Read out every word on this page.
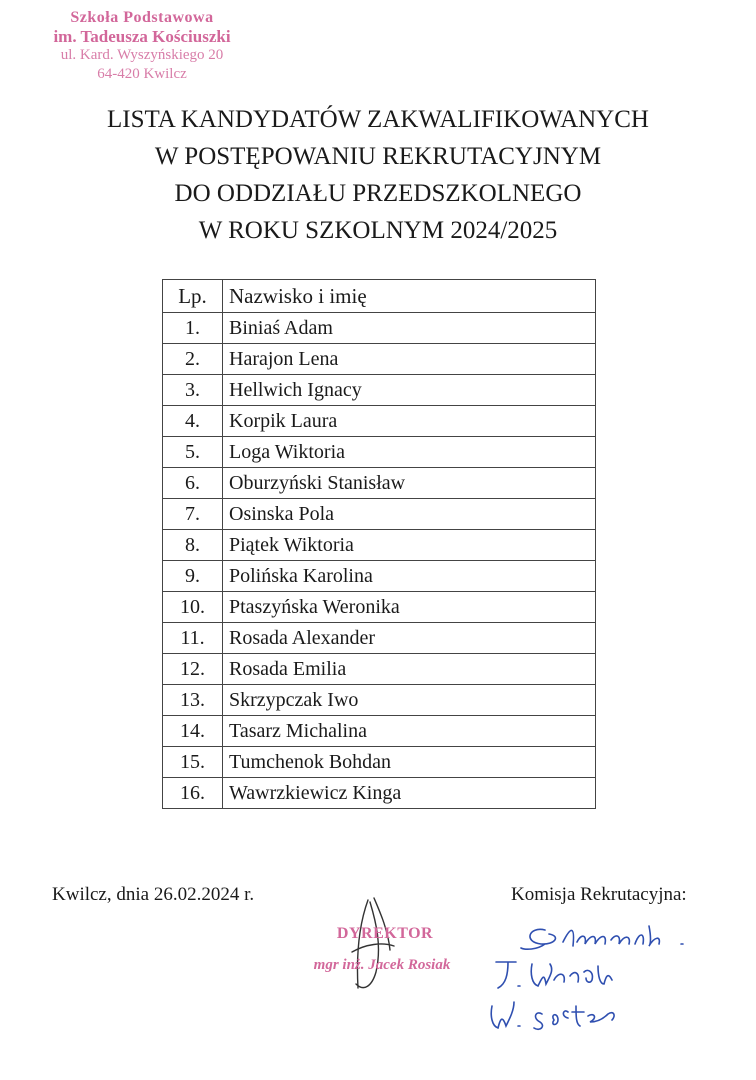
Szkoła Podstawowa
im. Tadeusza Kościuszki
ul. Kard. Wyszyńskiego 20
64-420 Kwilcz
LISTA KANDYDATÓW ZAKWALIFIKOWANYCH
W POSTĘPOWANIU REKRUTACYJNYM
DO ODDZIAŁU PRZEDSZKOLNEGO
W ROKU SZKOLNYM 2024/2025
Lp.	Nazwisko i imię
1.	Biniaś Adam
2.	Harajon Lena
3.	Hellwich Ignacy
4.	Korpik Laura
5.	Loga Wiktoria
6.	Oburzyński Stanisław
7.	Osinska Pola
8.	Piątek Wiktoria
9.	Polińska Karolina
10.	Ptaszyńska Weronika
11.	Rosada Alexander
12.	Rosada Emilia
13.	Skrzypczak Iwo
14.	Tasarz Michalina
15.	Tumchenok Bohdan
16.	Wawrzkiewicz Kinga
Kwilcz, dnia 26.02.2024 r.	Komisja Rekrutacyjna:
DYREKTOR
mgr inż. Jacek Rosiak
